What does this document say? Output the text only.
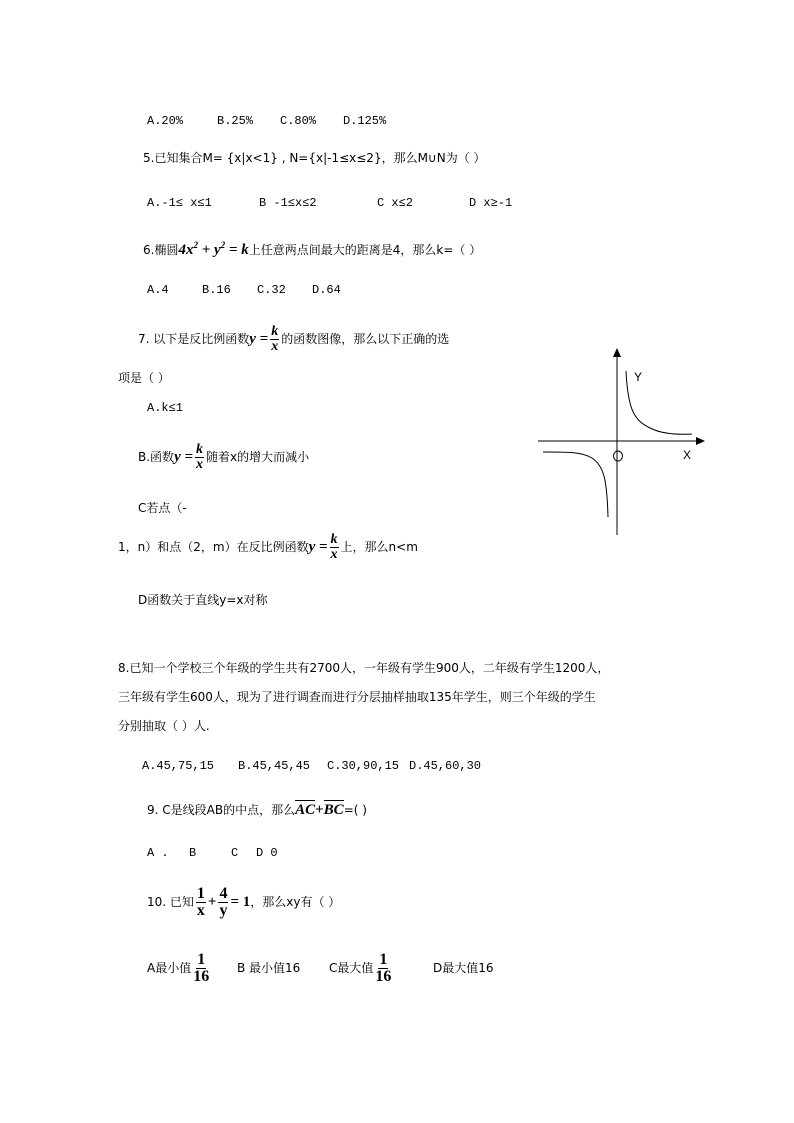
A.20%	B.25% C.80% D.125%
5.已知集合M= {x|x<1} , N={x|-1≤x≤2}，那么M∪N为（ ）
A.-1≤ x≤1	B -1≤x≤2	C x≤2	D x≥-1
6.椭圆$4x^2 + y^2 = k$上任意两点间最大的距离是4，那么k=（ ）
A.4	B.16 C.32 D.64
7. 以下是反比例函数$y = \frac{k}{x}$ 的函数图像，那么以下正确的选
项是（ ）
A.k≤1
B.函数$y = \frac{k}{x}$ 随着x的增大而减小
C若点（-
1，n）和点（2，m）在反比例函数$y = \frac{k}{x}$ 上，那么n<m
D函数关于直线y=x对称
Y
X
8.已知一个学校三个年级的学生共有2700人，一年级有学生900人，二年级有学生1200人，
三年级有学生600人，现为了进行调查而进行分层抽样抽取135年学生，则三个年级的学生
分别抽取（ ）人.
A.45,75,15 B.45,45,45 C.30,90,15 D.45,60,30
9. C是线段AB的中点，那么AC+BC=( )
A . B	C D 0
10. 已知 $\frac{1}{x} + \frac{4}{y} = 1$，那么xy有（ ）
A最小值 $\frac{1}{16}$ B 最小值16 C最大值 $\frac{1}{16}$	D最大值16
